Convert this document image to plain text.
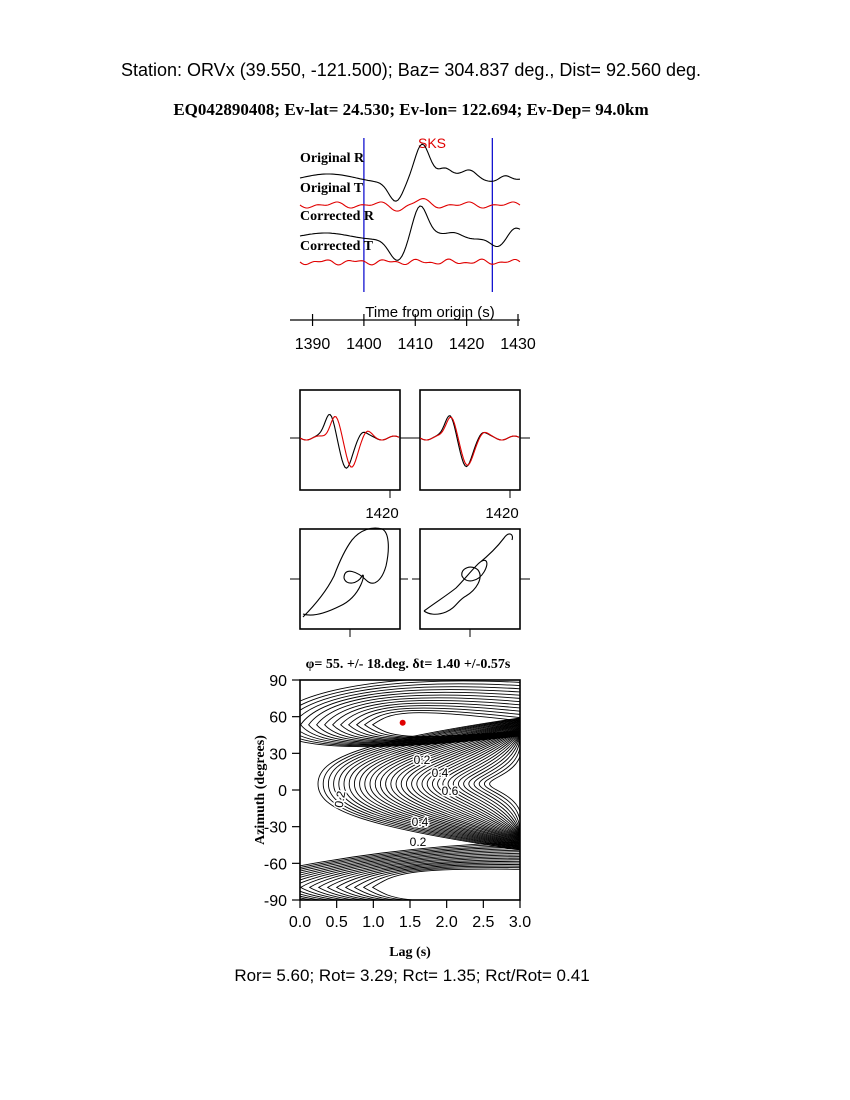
Station: ORVx (39.550, -121.500); Baz= 304.837 deg., Dist= 92.560 deg.
EQ042890408; Ev-lat= 24.530; Ev-lon= 122.694; Ev-Dep= 94.0km
SKS
Original R
Original T
Corrected R
Corrected T
Time from origin (s)
1390 1400 1410 1420 1430
1420	1420
φ= 55. +/- 18.deg. δt= 1.40 +/-0.57s
0.2
0.4
0.6
0.4
0.2
0.2
0.0 0.5 1.0 1.5 2.0 2.5 3.0
90
60
30
0
-30
-60
-90
Lag (s)
Azimuth (degrees)
Ror= 5.60; Rot= 3.29; Rct= 1.35; Rct/Rot= 0.41
